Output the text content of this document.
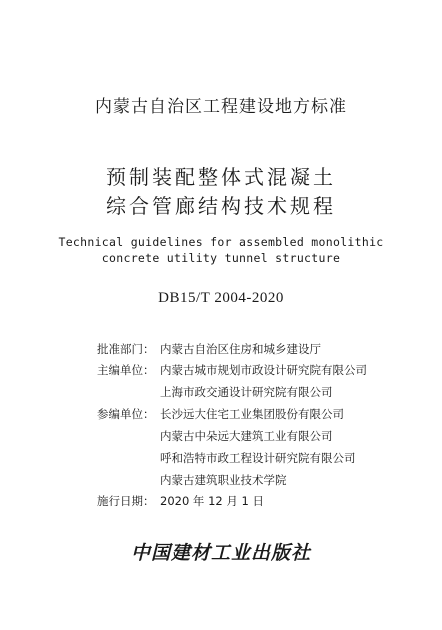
内蒙古自治区工程建设地方标准
预制装配整体式混凝土
综合管廊结构技术规程
Technical guidelines for assembled monolithic
concrete utility tunnel structure
DB15/T 2004-2020
批准部门： 内蒙古自治区住房和城乡建设厅
主编单位： 内蒙古城市规划市政设计研究院有限公司
上海市政交通设计研究院有限公司
参编单位： 长沙远大住宅工业集团股份有限公司
内蒙古中朵远大建筑工业有限公司
呼和浩特市政工程设计研究院有限公司
内蒙古建筑职业技术学院
施行日期： 2020 年 12 月 1 日
中国建材工业出版社
